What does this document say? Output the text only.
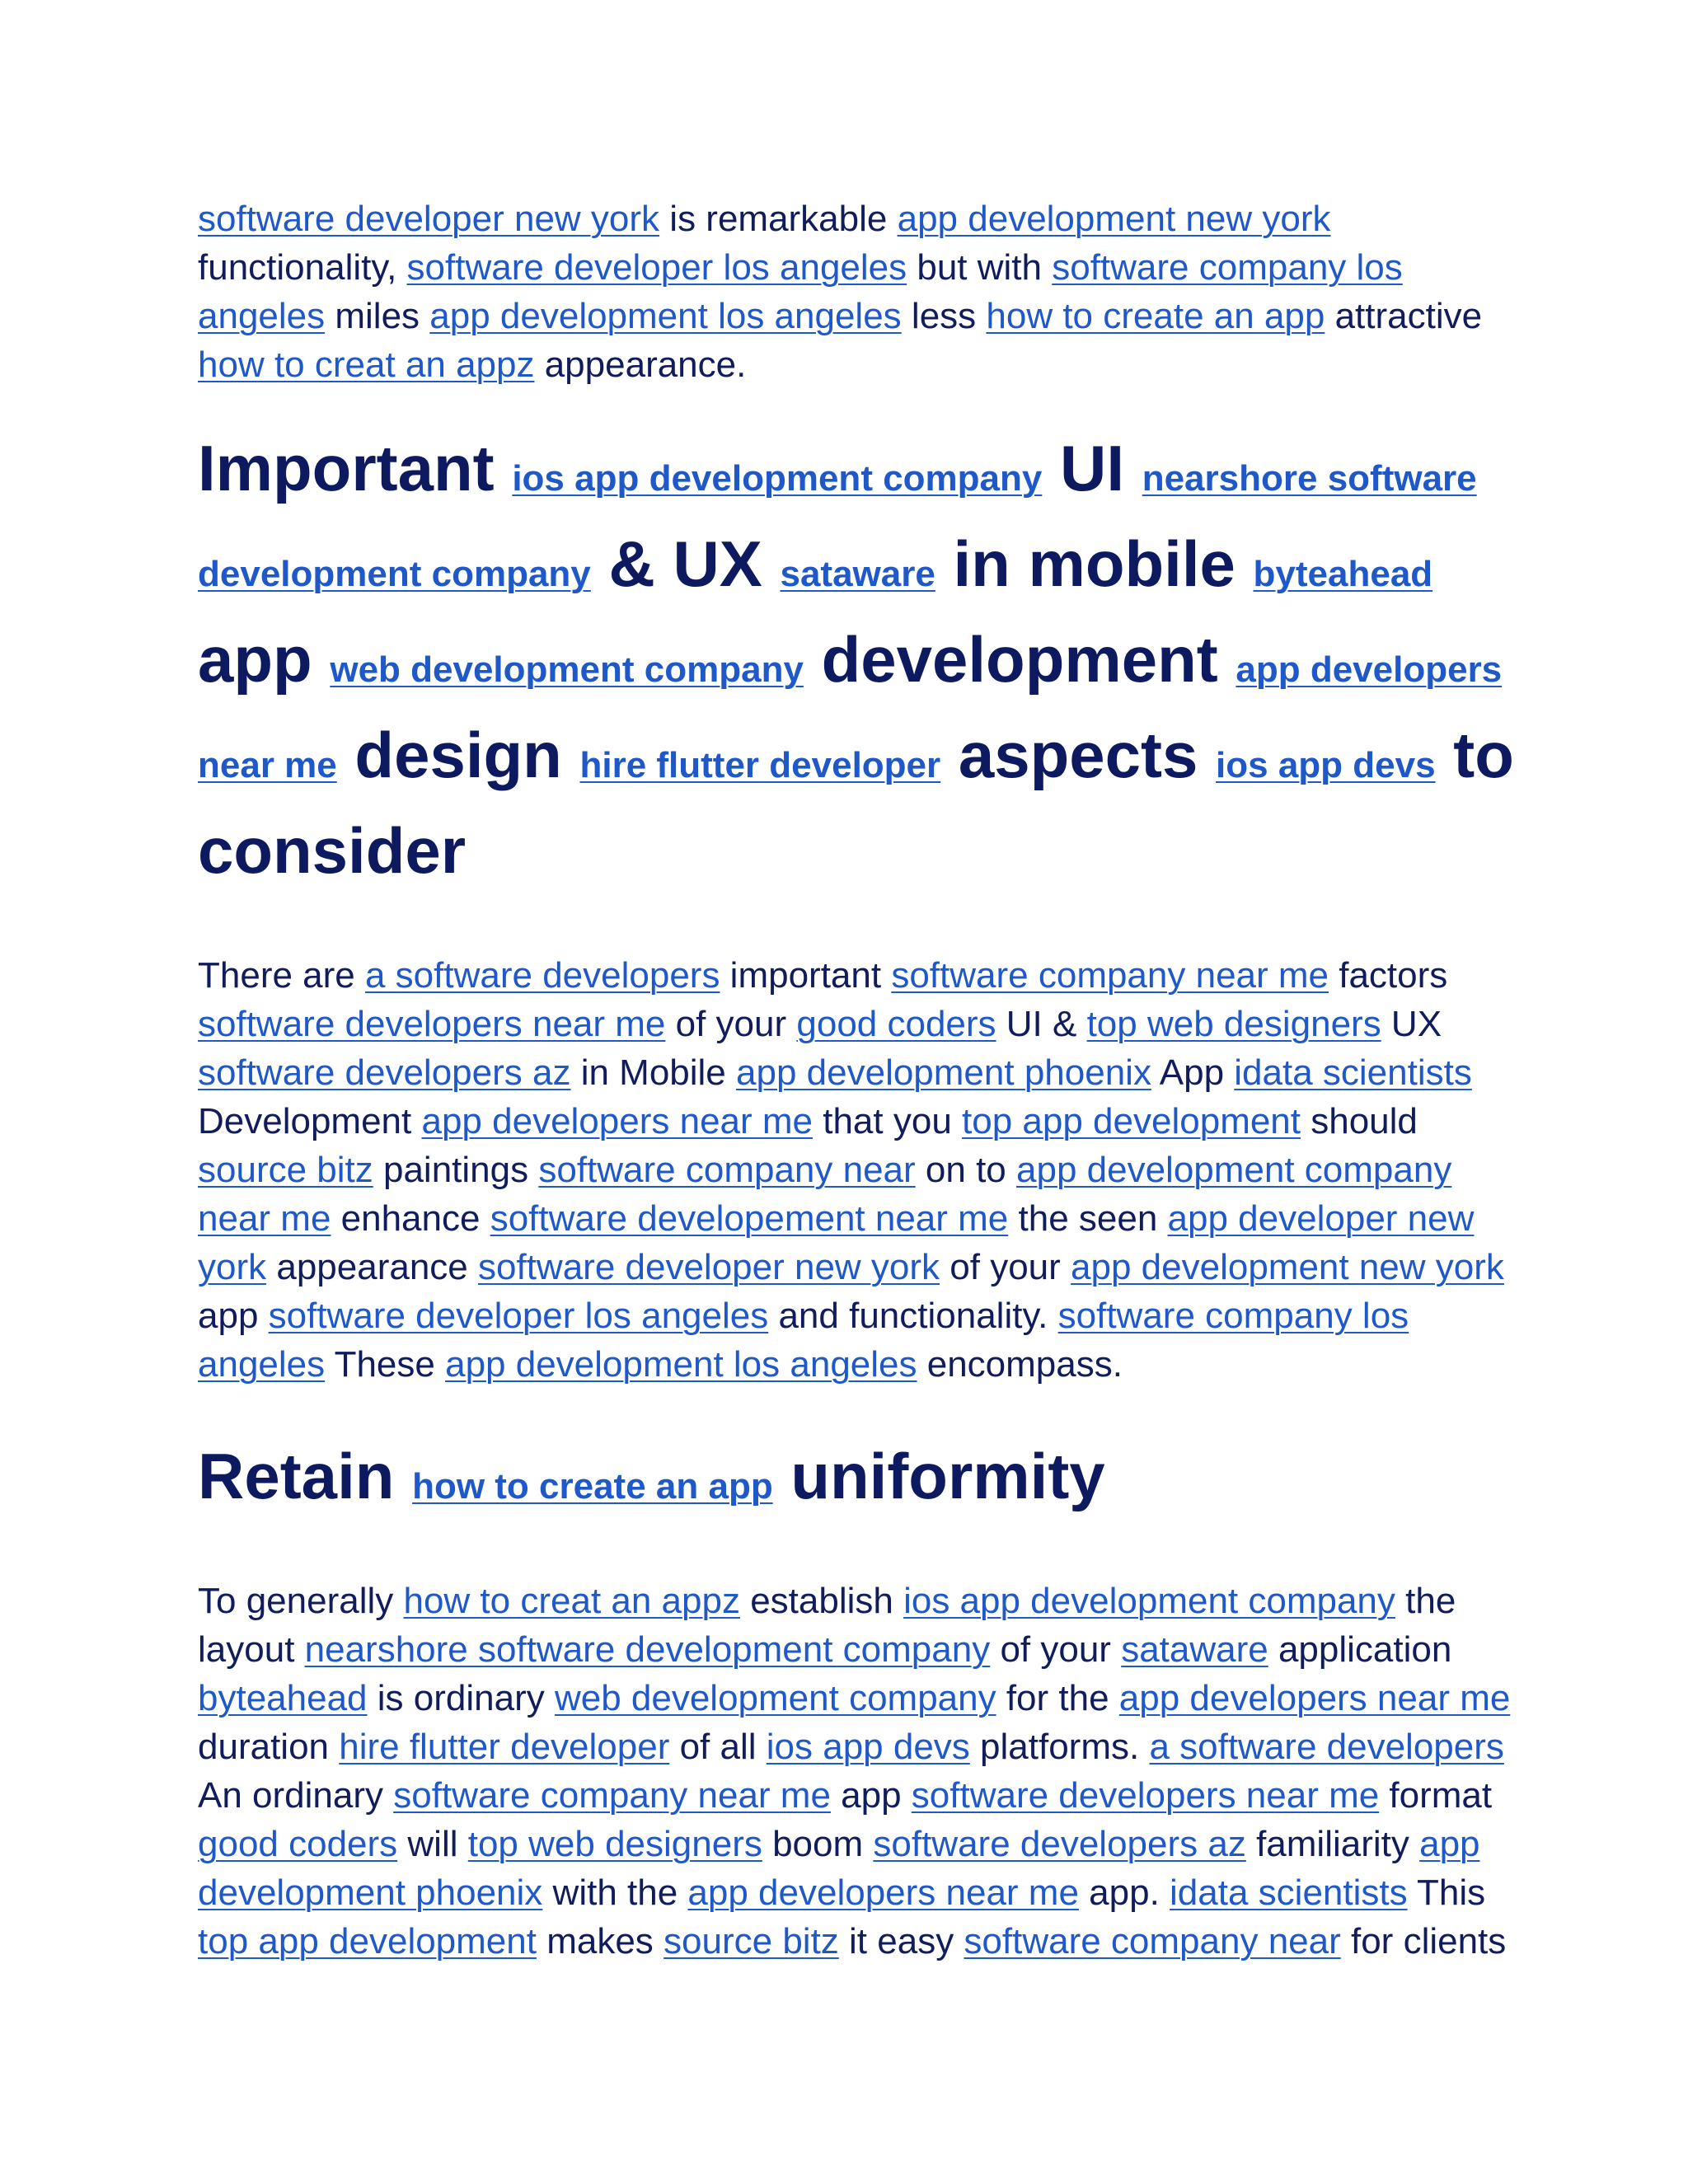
software developer new york is remarkable app development new york functionality, software developer los angeles but with software company los angeles miles app development los angeles less how to create an app attractive how to creat an appz appearance.

Important ios app development company UI nearshore software development company & UX sataware in mobile byteahead app web development company development app developers near me design hire flutter developer aspects ios app devs to consider

There are a software developers important software company near me factors software developers near me of your good coders UI & top web designers UX software developers az in Mobile app development phoenix App idata scientists Development app developers near me that you top app development should source bitz paintings software company near on to app development company near me enhance software developement near me the seen app developer new york appearance software developer new york of your app development new york app software developer los angeles and functionality. software company los angeles These app development los angeles encompass.

Retain how to create an app uniformity

To generally how to creat an appz establish ios app development company the layout nearshore software development company of your sataware application byteahead is ordinary web development company for the app developers near me duration hire flutter developer of all ios app devs platforms. a software developers An ordinary software company near me app software developers near me format good coders will top web designers boom software developers az familiarity app development phoenix with the app developers near me app. idata scientists This top app development makes source bitz it easy software company near for clients
